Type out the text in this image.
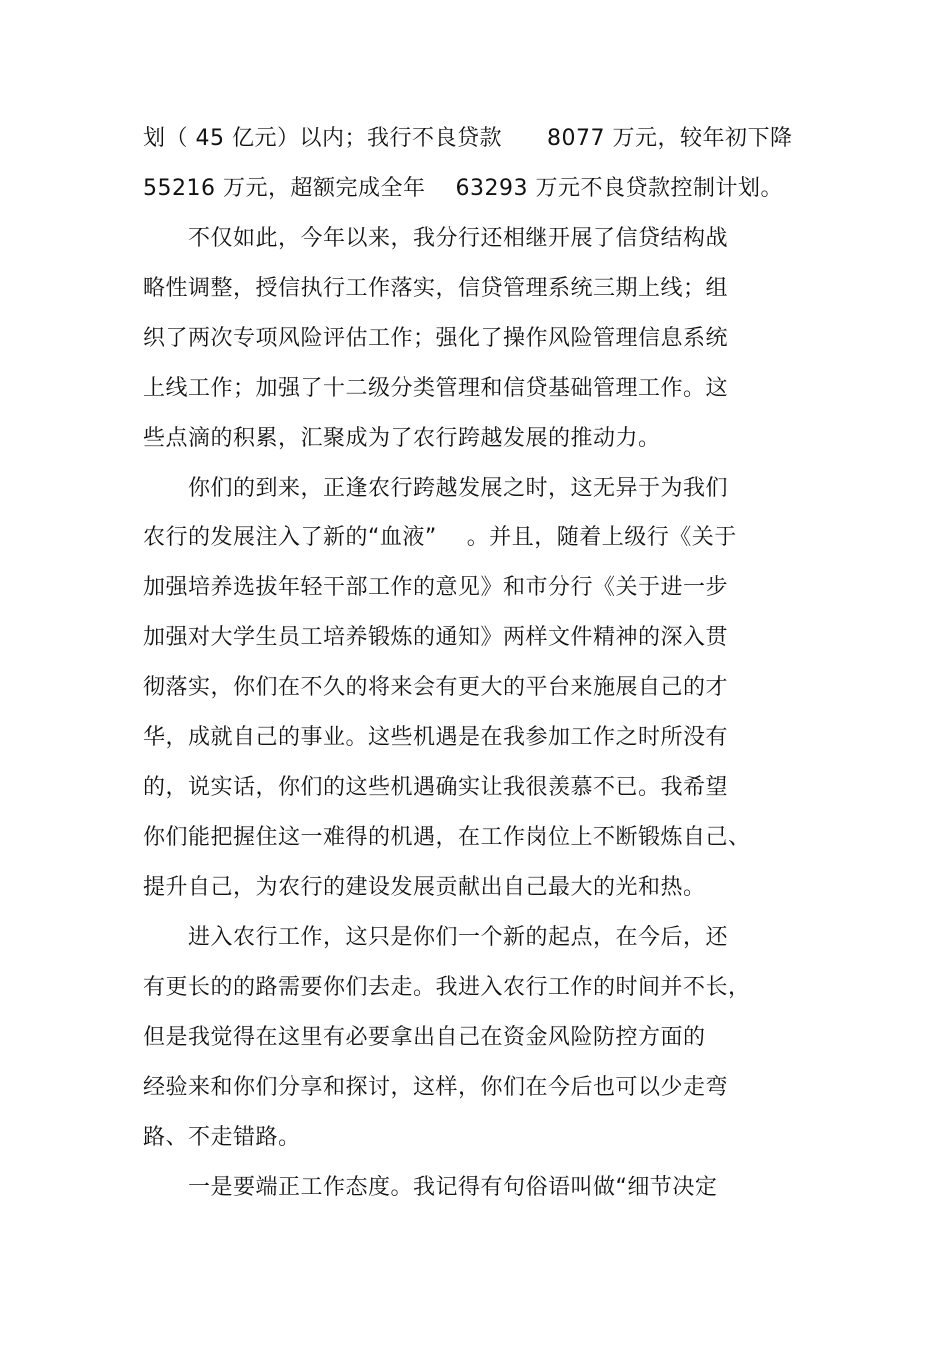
划（ 45 亿元）以内；我行不良贷款　　8077 万元，较年初下降
55216 万元，超额完成全年　 63293 万元不良贷款控制计划。
　　不仅如此，今年以来，我分行还相继开展了信贷结构战
略性调整，授信执行工作落实，信贷管理系统三期上线；组
织了两次专项风险评估工作；强化了操作风险管理信息系统
上线工作；加强了十二级分类管理和信贷基础管理工作。这
些点滴的积累，汇聚成为了农行跨越发展的推动力。
　　你们的到来，正逢农行跨越发展之时，这无异于为我们
农行的发展注入了新的“血液”　 。并且，随着上级行《关于
加强培养选拔年轻干部工作的意见》和市分行《关于进一步
加强对大学生员工培养锻炼的通知》两样文件精神的深入贯
彻落实，你们在不久的将来会有更大的平台来施展自己的才
华，成就自己的事业。这些机遇是在我参加工作之时所没有
的，说实话，你们的这些机遇确实让我很羡慕不已。我希望
你们能把握住这一难得的机遇，在工作岗位上不断锻炼自己、
提升自己，为农行的建设发展贡献出自己最大的光和热。
　　进入农行工作，这只是你们一个新的起点，在今后，还
有更长的的路需要你们去走。我进入农行工作的时间并不长，
但是我觉得在这里有必要拿出自己在资金风险防控方面的
经验来和你们分享和探讨，这样，你们在今后也可以少走弯
路、不走错路。
　　一是要端正工作态度。我记得有句俗语叫做“细节决定
